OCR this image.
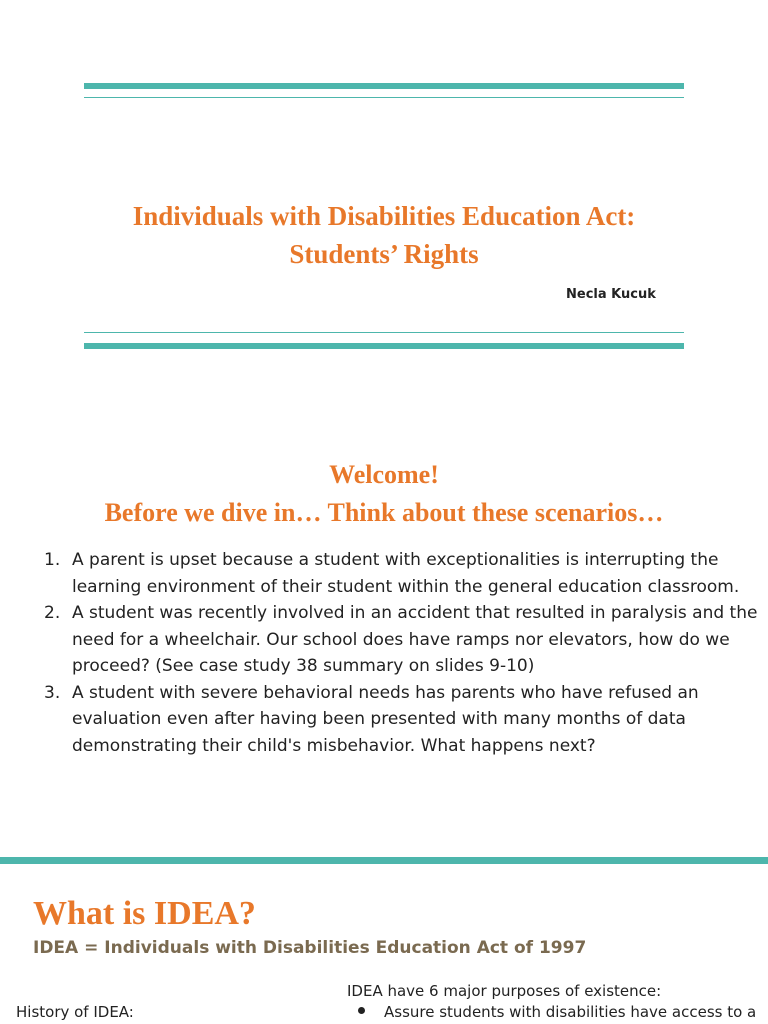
Individuals with Disabilities Education Act:
Students’ Rights
Necla Kucuk
Welcome!
Before we dive in… Think about these scenarios…
1. A parent is upset because a student with exceptionalities is interrupting the learning environment of their student within the general education classroom.
2. A student was recently involved in an accident that resulted in paralysis and the need for a wheelchair. Our school does have ramps nor elevators, how do we proceed? (See case study 38 summary on slides 9-10)
3. A student with severe behavioral needs has parents who have refused an evaluation even after having been presented with many months of data demonstrating their child's misbehavior. What happens next?
What is IDEA?
IDEA = Individuals with Disabilities Education Act of 1997
History of IDEA:
IDEA have 6 major purposes of existence:
Assure students with disabilities have access to a
